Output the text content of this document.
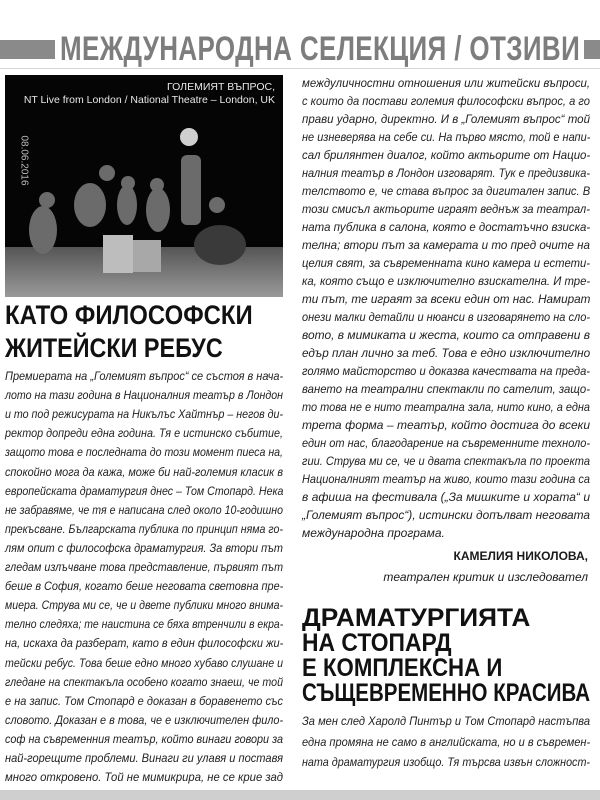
МЕЖДУНАРОДНА СЕЛЕКЦИЯ / ОТЗИВИ
ГОЛЕМИЯТ ВЪПРОС,
NT Live from London / National Theatre – London, UK
08.06.2016
КАТО ФИЛОСОФСКИ
ЖИТЕЙСКИ РЕБУС
Премиерата на „Големият въпрос“ се състоя в нача-
лото на тази година в Националния театър в Лондон
и то под режисурата на Никълъс Хайтнър – негов ди-
ректор допреди една година. Тя е истинско събитие,
защото това е последната до този момент пиеса на,
спокойно мога да кажа, може би най-големия класик в
европейската драматургия днес – Том Стопард. Нека
не забравяме, че тя е написана след около 10-годишно
прекъсване. Българската публика по принцип няма го-
лям опит с философска драматургия. За втори път
гледам излъчване това представление, първият път
беше в София, когато беше неговата световна пре-
миера. Струва ми се, че и двете публики много внима-
телно следяха; те наистина се бяха втренчили в екра-
на, искаха да разберат, като в един философски жи-
тейски ребус. Това беше едно много хубаво слушане и
гледане на спектакъла особено когато знаеш, че той
е на запис. Том Стопард е доказан в боравенето със
словото. Доказан е в това, че е изключителен фило-
соф на съвременния театър, който винаги говори за
най-горещите проблеми. Винаги ги улавя и поставя
много откровено. Той не мимикрира, не се крие зад
междуличностни отношения или житейски въпроси,
с които да постави големия философски въпрос, а го
прави ударно, директно. И в „Големият въпрос“ той
не изневерява на себе си. На първо място, той е напи-
сал брилянтен диалог, който актьорите от Нацио-
налния театър в Лондон изговарят. Тук е предизвика-
телството е, че става въпрос за дигитален запис. В
този смисъл актьорите играят веднъж за театрал-
ната публика в салона, която е достатъчно взиска-
телна; втори път за камерата и то пред очите на
целия свят, за съвременната кино камера и естети-
ка, която също е изключително взискателна. И тре-
ти път, те играят за всеки един от нас. Намират
онези малки детайли и нюанси в изговарянето на сло-
вото, в мимиката и жеста, които са отправени в
едър план лично за теб. Това е едно изключително
голямо майсторство и доказва качествата на преда-
ването на театрални спектакли по сателит, защо-
то това не е нито театрална зала, нито кино, а една
трета форма – театър, който достига до всеки
един от нас, благодарение на съвременните техноло-
гии. Струва ми се, че и двата спектакъла по проекта
Националният театър на живо, които тази година са
в афиша на фестивала („За мишките и хората“ и
„Големият въпрос“), истински допълват неговата
международна програма.
КАМЕЛИЯ НИКОЛОВА,
театрален критик и изследовател
ДРАМАТУРГИЯТА
НА СТОПАРД
Е КОМПЛЕКСНА И
СЪЩЕВРЕМЕННО КРАСИВА
За мен след Харолд Пинтър и Том Стопард настъпва
една промяна не само в английската, но и в съвремен-
ната драматургия изобщо. Тя търсва извън сложност-
